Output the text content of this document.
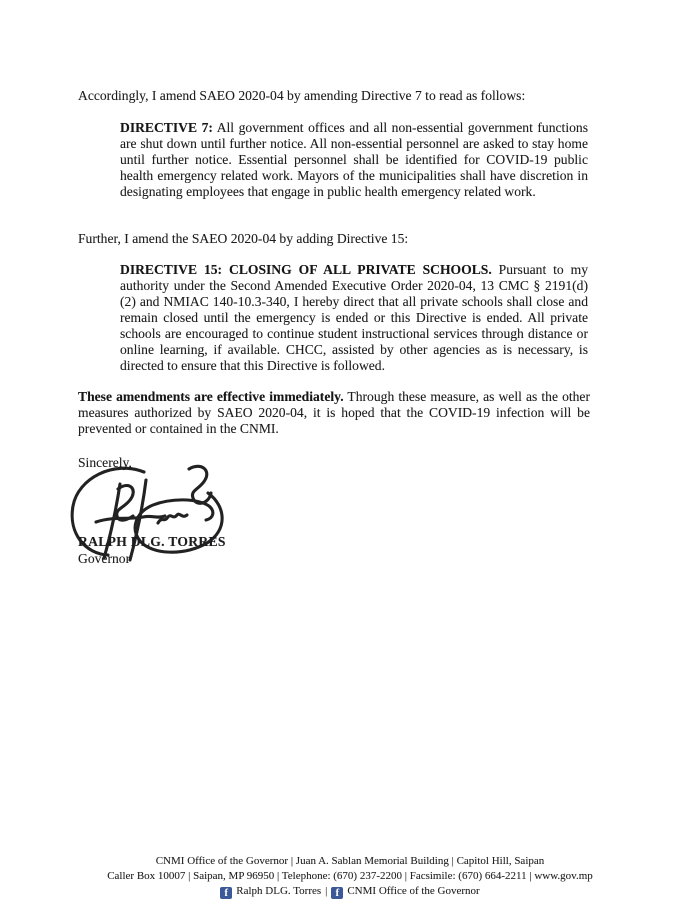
Accordingly, I amend SAEO 2020-04 by amending Directive 7 to read as follows:

DIRECTIVE 7: All government offices and all non-essential government functions are shut down until further notice. All non-essential personnel are asked to stay home until further notice. Essential personnel shall be identified for COVID-19 public health emergency related work. Mayors of the municipalities shall have discretion in designating employees that engage in public health emergency related work.

Further, I amend the SAEO 2020-04 by adding Directive 15:

DIRECTIVE 15: CLOSING OF ALL PRIVATE SCHOOLS. Pursuant to my authority under the Second Amended Executive Order 2020-04, 13 CMC § 2191(d)(2) and NMIAC 140-10.3-340, I hereby direct that all private schools shall close and remain closed until the emergency is ended or this Directive is ended. All private schools are encouraged to continue student instructional services through distance or online learning, if available. CHCC, assisted by other agencies as is necessary, is directed to ensure that this Directive is followed.

These amendments are effective immediately. Through these measure, as well as the other measures authorized by SAEO 2020-04, it is hoped that the COVID-19 infection will be prevented or contained in the CNMI.

Sincerely,

RALPH DLG. TORRES

Governor

CNMI Office of the Governor | Juan A. Sablan Memorial Building | Capitol Hill, Saipan
Caller Box 10007 | Saipan, MP 96950 | Telephone: (670) 237-2200 | Facsimile: (670) 664-2211 | www.gov.mp
f Ralph DLG. Torres | f CNMI Office of the Governor
